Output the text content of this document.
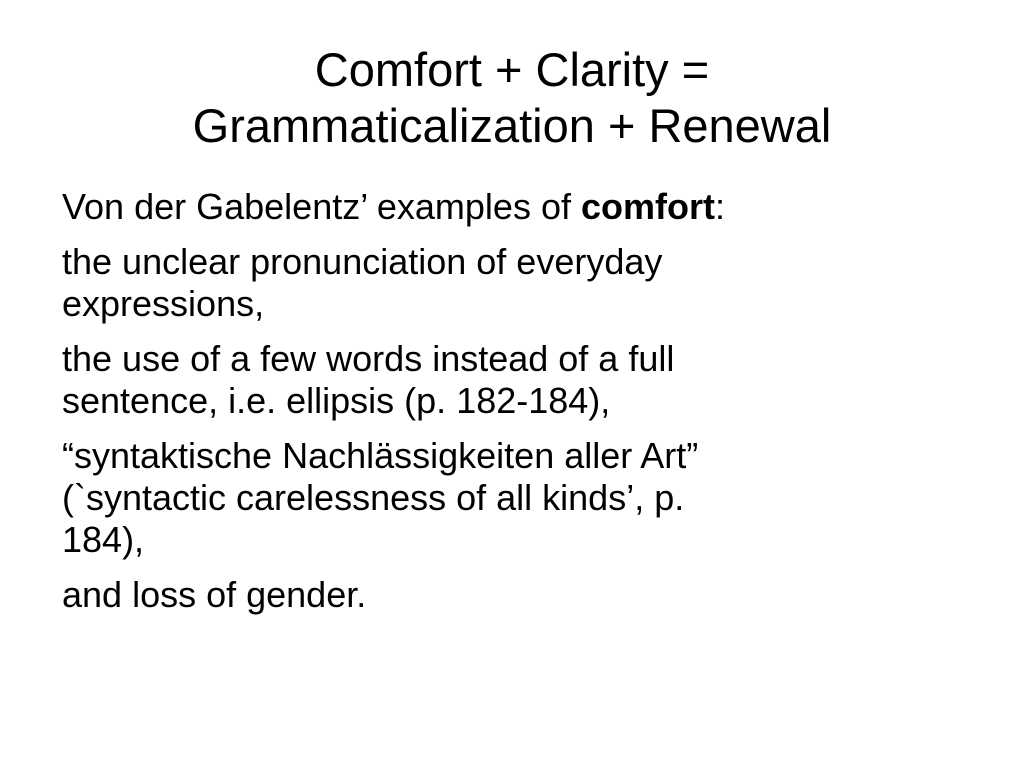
Comfort + Clarity =
Grammaticalization + Renewal

Von der Gabelentz’ examples of comfort:

the unclear pronunciation of everyday
expressions,

the use of a few words instead of a full
sentence, i.e. ellipsis (p. 182-184),

“syntaktische Nachlässigkeiten aller Art”
(`syntactic carelessness of all kinds’, p.
184),

and loss of gender.
